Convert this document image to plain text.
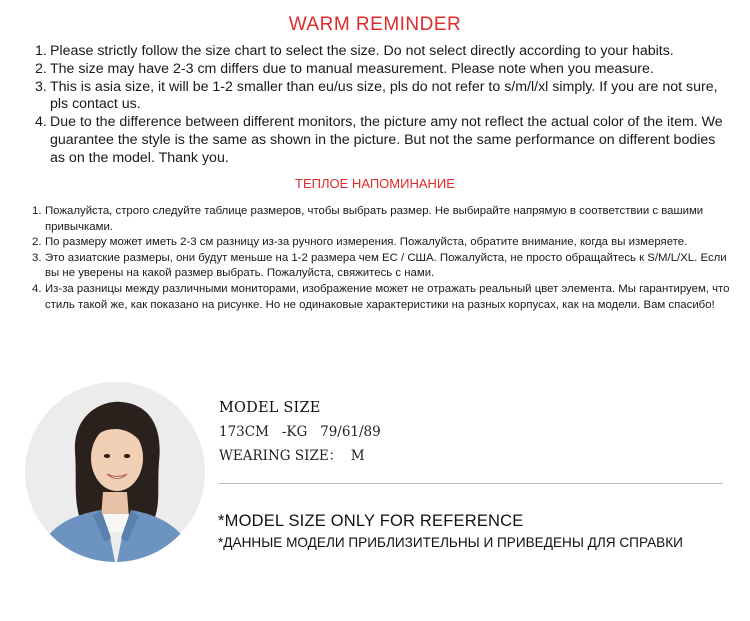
WARM REMINDER
1. Please strictly follow the size chart to select the size. Do not select directly according to your habits.
2. The size may have 2-3 cm differs due to manual measurement. Please note when you measure.
3. This is asia size, it will be 1-2 smaller than eu/us size, pls do not refer to s/m/l/xl simply. If you are not sure, pls contact us.
4. Due to the difference between different monitors, the picture amy not reflect the actual color of the item. We guarantee the style is the same as shown in the picture. But not the same performance on different bodies as on the model. Thank you.
ТЕПЛОЕ НАПОМИНАНИЕ
1. Пожалуйста, строго следуйте таблице размеров, чтобы выбрать размер. Не выбирайте напрямую в соответствии с вашими привычками.
2. По размеру может иметь 2-3 см разницу из-за ручного измерения. Пожалуйста, обратите внимание, когда вы измеряете.
3. Это азиатские размеры, они будут меньше на 1-2 размера чем ЕС / США. Пожалуйста, не просто обращайтесь к S/M/L/XL. Если вы не уверены на какой размер выбрать. Пожалуйста, свяжитесь с нами.
4. Из-за разницы между различными мониторами, изображение может не отражать реальный цвет элемента. Мы гарантируем, что стиль такой же, как показано на рисунке. Но не одинаковые характеристики на разных корпусах, как на модели. Вам спасибо!
MODEL SIZE
173CM   -KG   79/61/89
WEARING SIZE：  M
*MODEL SIZE ONLY FOR REFERENCE
*ДАННЫЕ МОДЕЛИ ПРИБЛИЗИТЕЛЬНЫ И ПРИВЕДЕНЫ ДЛЯ СПРАВКИ
